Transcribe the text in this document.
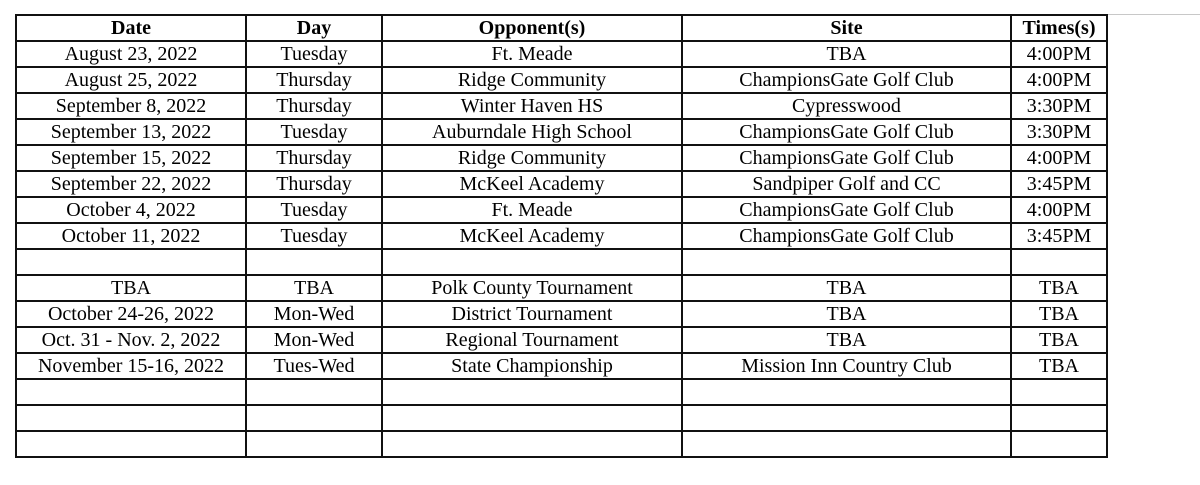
Date	Day	Opponent(s)	Site	Times(s)
August 23, 2022	Tuesday	Ft. Meade	TBA	4:00PM
August 25, 2022	Thursday	Ridge Community	ChampionsGate Golf Club	4:00PM
September 8, 2022	Thursday	Winter Haven HS	Cypresswood	3:30PM
September 13, 2022	Tuesday	Auburndale High School	ChampionsGate Golf Club	3:30PM
September 15, 2022	Thursday	Ridge Community	ChampionsGate Golf Club	4:00PM
September 22, 2022	Thursday	McKeel Academy	Sandpiper Golf and CC	3:45PM
October 4, 2022	Tuesday	Ft. Meade	ChampionsGate Golf Club	4:00PM
October 11, 2022	Tuesday	McKeel Academy	ChampionsGate Golf Club	3:45PM

TBA	TBA	Polk County Tournament	TBA	TBA
October 24-26, 2022	Mon-Wed	District Tournament	TBA	TBA
Oct. 31 - Nov. 2, 2022	Mon-Wed	Regional Tournament	TBA	TBA
November 15-16, 2022	Tues-Wed	State Championship	Mission Inn Country Club	TBA
